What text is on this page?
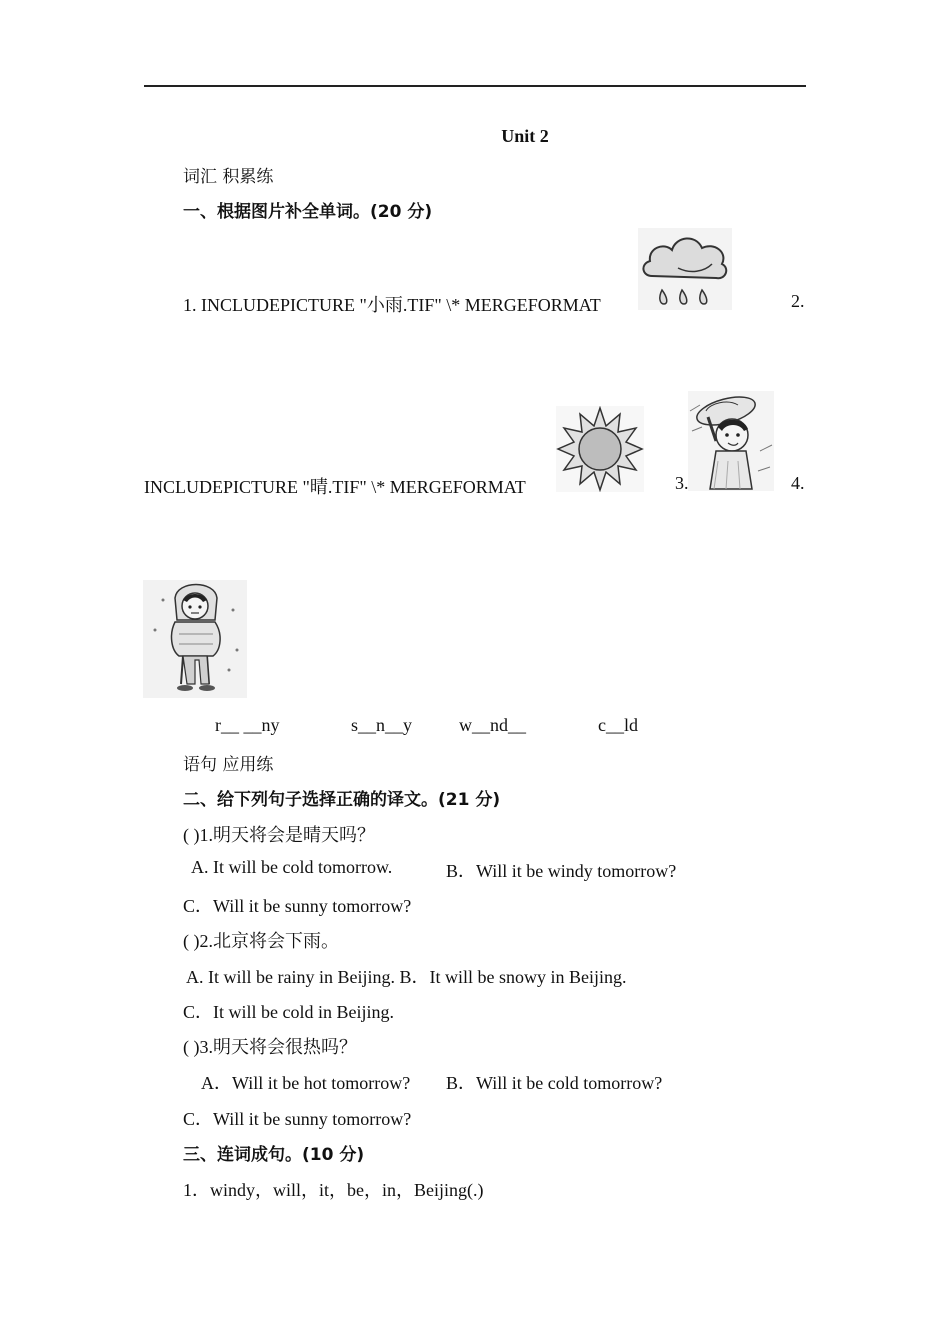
Unit 2
词汇 积累练
一、根据图片补全单词。(20 分)
1. INCLUDEPICTURE "小雨.TIF" \* MERGEFORMAT	2.
INCLUDEPICTURE "晴.TIF" \* MERGEFORMAT	3.	4.
r__ __ny	s__n__y	w__nd__	c__ld
语句 应用练
二、给下列句子选择正确的译文。(21 分)
( )1.明天将会是晴天吗？
A. It will be cold tomorrow.	B．Will it be windy tomorrow?
C．Will it be sunny tomorrow?
( )2.北京将会下雨。
A. It will be rainy in Beijing. B．It will be snowy in Beijing.
C．It will be cold in Beijing.
( )3.明天将会很热吗？
A．Will it be hot tomorrow? B．Will it be cold tomorrow?
C．Will it be sunny tomorrow?
三、连词成句。(10 分)
1．windy，will，it，be，in，Beijing(.)
